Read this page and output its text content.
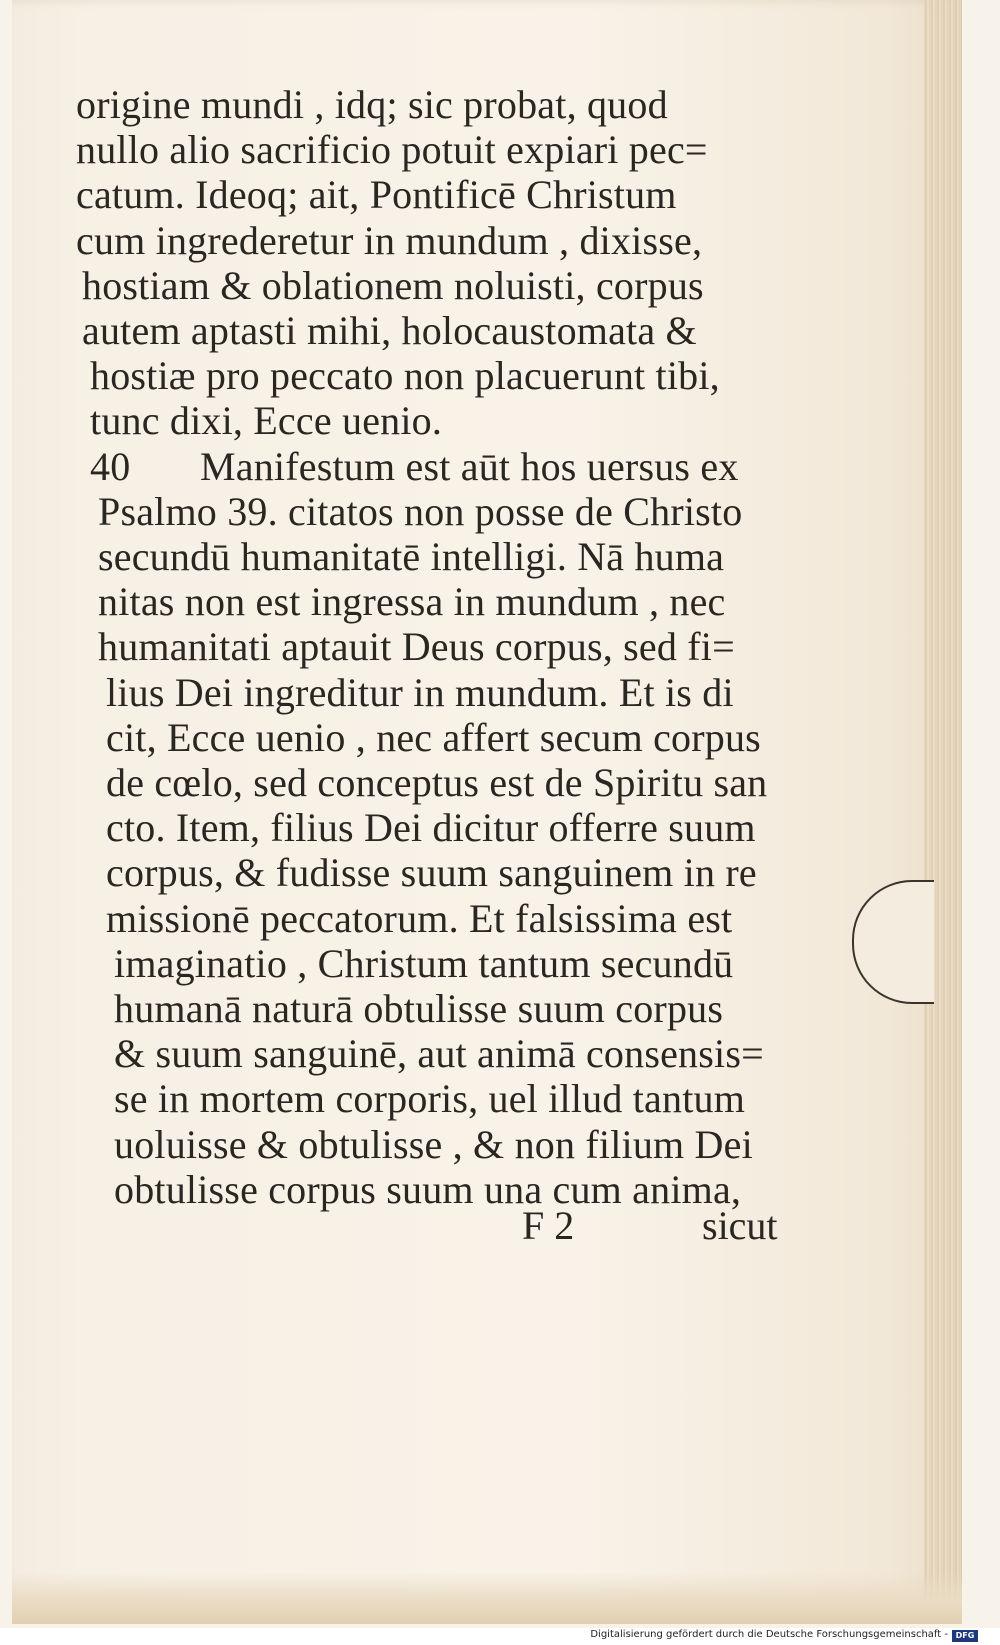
origine mundi , idq; sic probat, quod
nullo alio sacrificio potuit expiari pec=
catum. Ideoq; ait, Pontificē Christum
cum ingrederetur in mundum , dixisse,
hostiam & oblationem noluisti, corpus
autem aptasti mihi, holocaustomata &
hostiæ pro peccato non placuerunt tibi,
tunc dixi, Ecce uenio.
40 Manifestum est aūt hos uersus ex
Psalmo 39. citatos non posse de Christo
secundū humanitatē intelligi. Nā huma
nitas non est ingressa in mundum , nec
humanitati aptauit Deus corpus, sed fi=
lius Dei ingreditur in mundum. Et is di
cit, Ecce uenio , nec affert secum corpus
de cœlo, sed conceptus est de Spiritu san
cto. Item, filius Dei dicitur offerre suum
corpus, & fudisse suum sanguinem in re
missionē peccatorum. Et falsissima est
imaginatio , Christum tantum secundū
humanā naturā obtulisse suum corpus
& suum sanguinē, aut animā consensis=
se in mortem corporis, uel illud tantum
uoluisse & obtulisse , & non filium Dei
obtulisse corpus suum una cum anima,
F 2	sicut
Digitalisierung gefördert durch die Deutsche Forschungsgemeinschaft - DFG
